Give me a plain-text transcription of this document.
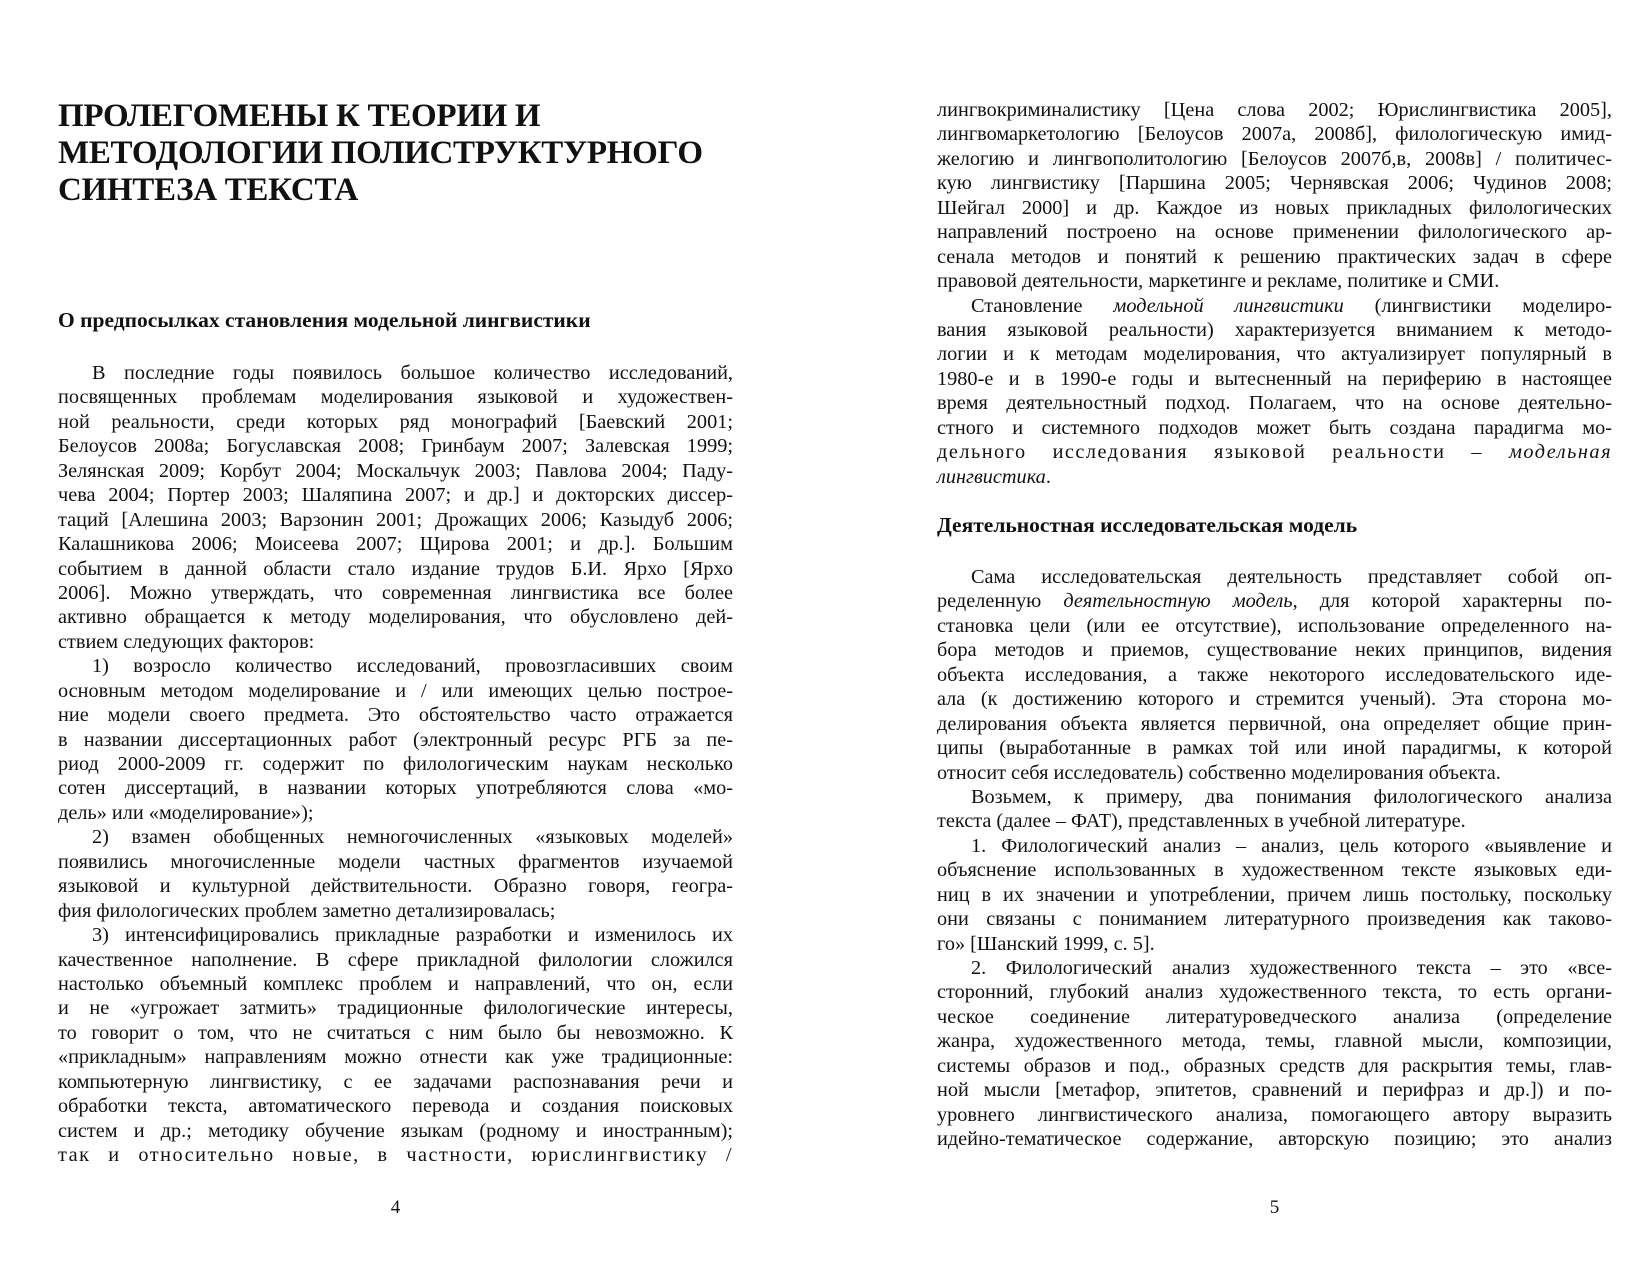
ПРОЛЕГОМЕНЫ К ТЕОРИИ И
МЕТОДОЛОГИИ ПОЛИСТРУКТУРНОГО
СИНТЕЗА ТЕКСТА
О предпосылках становления модельной лингвистики
В последние годы появилось большое количество исследований,
посвященных проблемам моделирования языковой и художествен-
ной реальности, среди которых ряд монографий [Баевский 2001;
Белоусов 2008а; Богуславская 2008; Гринбаум 2007; Залевская 1999;
Зелянская 2009; Корбут 2004; Москальчук 2003; Павлова 2004; Паду-
чева 2004; Портер 2003; Шаляпина 2007; и др.] и докторских диссер-
таций [Алешина 2003; Варзонин 2001; Дрожащих 2006; Казыдуб 2006;
Калашникова 2006; Моисеева 2007; Щирова 2001; и др.]. Большим
событием в данной области стало издание трудов Б.И. Ярхо [Ярхо
2006]. Можно утверждать, что современная лингвистика все более
активно обращается к методу моделирования, что обусловлено дей-
ствием следующих факторов:
1) возросло количество исследований, провозгласивших своим
основным методом моделирование и / или имеющих целью построе-
ние модели своего предмета. Это обстоятельство часто отражается
в названии диссертационных работ (электронный ресурс РГБ за пе-
риод 2000-2009 гг. содержит по филологическим наукам несколько
сотен диссертаций, в названии которых употребляются слова «мо-
дель» или «моделирование»);
2) взамен обобщенных немногочисленных «языковых моделей»
появились многочисленные модели частных фрагментов изучаемой
языковой и культурной действительности. Образно говоря, геогра-
фия филологических проблем заметно детализировалась;
3) интенсифицировались прикладные разработки и изменилось их
качественное наполнение. В сфере прикладной филологии сложился
настолько объемный комплекс проблем и направлений, что он, если
и не «угрожает затмить» традиционные филологические интересы,
то говорит о том, что не считаться с ним было бы невозможно. К
«прикладным» направлениям можно отнести как уже традиционные:
компьютерную лингвистику, с ее задачами распознавания речи и
обработки текста, автоматического перевода и создания поисковых
систем и др.; методику обучение языкам (родному и иностранным);
так и относительно новые, в частности, юрислингвистику /
4
лингвокриминалистику [Цена слова 2002; Юрислингвистика 2005],
лингвомаркетологию [Белоусов 2007а, 2008б], филологическую имид-
желогию и лингвополитологию [Белоусов 2007б,в, 2008в] / политичес-
кую лингвистику [Паршина 2005; Чернявская 2006; Чудинов 2008;
Шейгал 2000] и др. Каждое из новых прикладных филологических
направлений построено на основе применении филологического ар-
сенала методов и понятий к решению практических задач в сфере
правовой деятельности, маркетинге и рекламе, политике и СМИ.
Становление модельной лингвистики (лингвистики моделиро-
вания языковой реальности) характеризуется вниманием к методо-
логии и к методам моделирования, что актуализирует популярный в
1980-е и в 1990-е годы и вытесненный на периферию в настоящее
время деятельностный подход. Полагаем, что на основе деятельно-
стного и системного подходов может быть создана парадигма мо-
дельного исследования языковой реальности – модельная
лингвистика.
Деятельностная исследовательская модель
Сама исследовательская деятельность представляет собой оп-
ределенную деятельностную модель, для которой характерны по-
становка цели (или ее отсутствие), использование определенного на-
бора методов и приемов, существование неких принципов, видения
объекта исследования, а также некоторого исследовательского иде-
ала (к достижению которого и стремится ученый). Эта сторона мо-
делирования объекта является первичной, она определяет общие прин-
ципы (выработанные в рамках той или иной парадигмы, к которой
относит себя исследователь) собственно моделирования объекта.
Возьмем, к примеру, два понимания филологического анализа
текста (далее – ФАТ), представленных в учебной литературе.
1. Филологический анализ – анализ, цель которого «выявление и
объяснение использованных в художественном тексте языковых еди-
ниц в их значении и употреблении, причем лишь постольку, поскольку
они связаны с пониманием литературного произведения как таково-
го» [Шанский 1999, с. 5].
2. Филологический анализ художественного текста – это «все-
сторонний, глубокий анализ художественного текста, то есть органи-
ческое соединение литературоведческого анализа (определение
жанра, художественного метода, темы, главной мысли, композиции,
системы образов и под., образных средств для раскрытия темы, глав-
ной мысли [метафор, эпитетов, сравнений и перифраз и др.]) и по-
уровнего лингвистического анализа, помогающего автору выразить
идейно-тематическое содержание, авторскую позицию; это анализ
5
